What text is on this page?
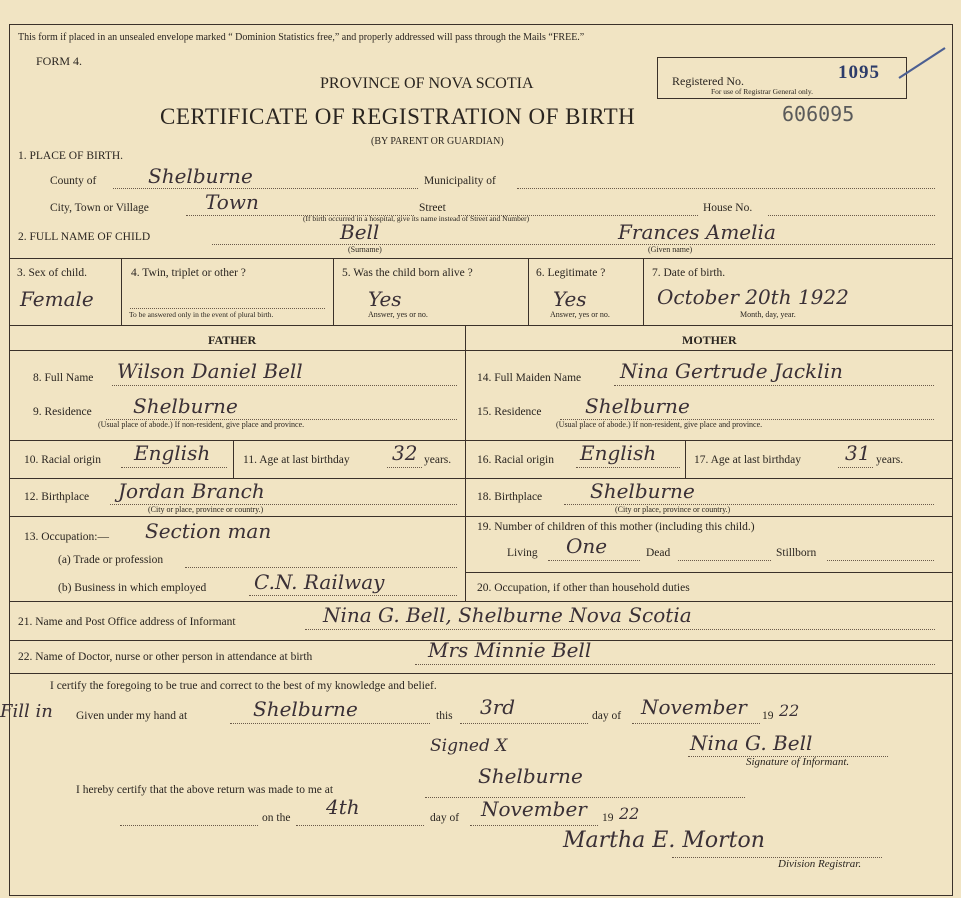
This form if placed in an unsealed envelope marked “ Dominion Statistics free,” and properly addressed will pass through the Mails “FREE.”
FORM 4.
PROVINCE OF NOVA SCOTIA
CERTIFICATE OF REGISTRATION OF BIRTH
(BY PARENT OR GUARDIAN)
Registered No.	1095
For use of Registrar General only.
606095
1. PLACE OF BIRTH.
County of	Shelburne	Municipality of
City, Town or Village	Town	Street
(If birth occurred in a hospital, give its name instead of Street and Number)
House No.
2. FULL NAME OF CHILD	Bell
(Surname)
Frances Amelia
(Given name)
3. Sex of child.
Female
4. Twin, triplet or other ?
To be answered only in the event of plural birth.
5. Was the child born alive ?
Yes
Answer, yes or no.
6. Legitimate ?
Yes
Answer, yes or no.
7. Date of birth.
October 20th 1922
Month, day, year.
FATHER	MOTHER
8. Full Name Wilson Daniel Bell
9. Residence Shelburne
(Usual place of abode.) If non-resident, give place and province.
10. Racial origin English	11. Age at last birthday 32 years.
12. Birthplace Jordan Branch
(City or place, province or country.)
13. Occupation:— Section man
(a) Trade or profession
(b) Business in which employed C.N. Railway
14. Full Maiden Name Nina Gertrude Jacklin
15. Residence Shelburne
(Usual place of abode.) If non-resident, give place and province.
16. Racial origin English	17. Age at last birthday 31 years.
18. Birthplace Shelburne
(City or place, province or country.)
19. Number of children of this mother (including this child.)
Living One	Dead	Stillborn
20. Occupation, if other than household duties
21. Name and Post Office address of Informant	Nina G. Bell, Shelburne Nova Scotia
22. Name of Doctor, nurse or other person in attendance at birth	Mrs Minnie Bell
I certify the foregoing to be true and correct to the best of my knowledge and belief.
Fill in Given under my hand at	Shelburne	this 3rd	day of November 19 22
Signed X	Nina G. Bell
Signature of Informant.
I hereby certify that the above return was made to me at
Shelburne
on the 4th	day of November 19 22
Martha E. Morton
Division Registrar.
